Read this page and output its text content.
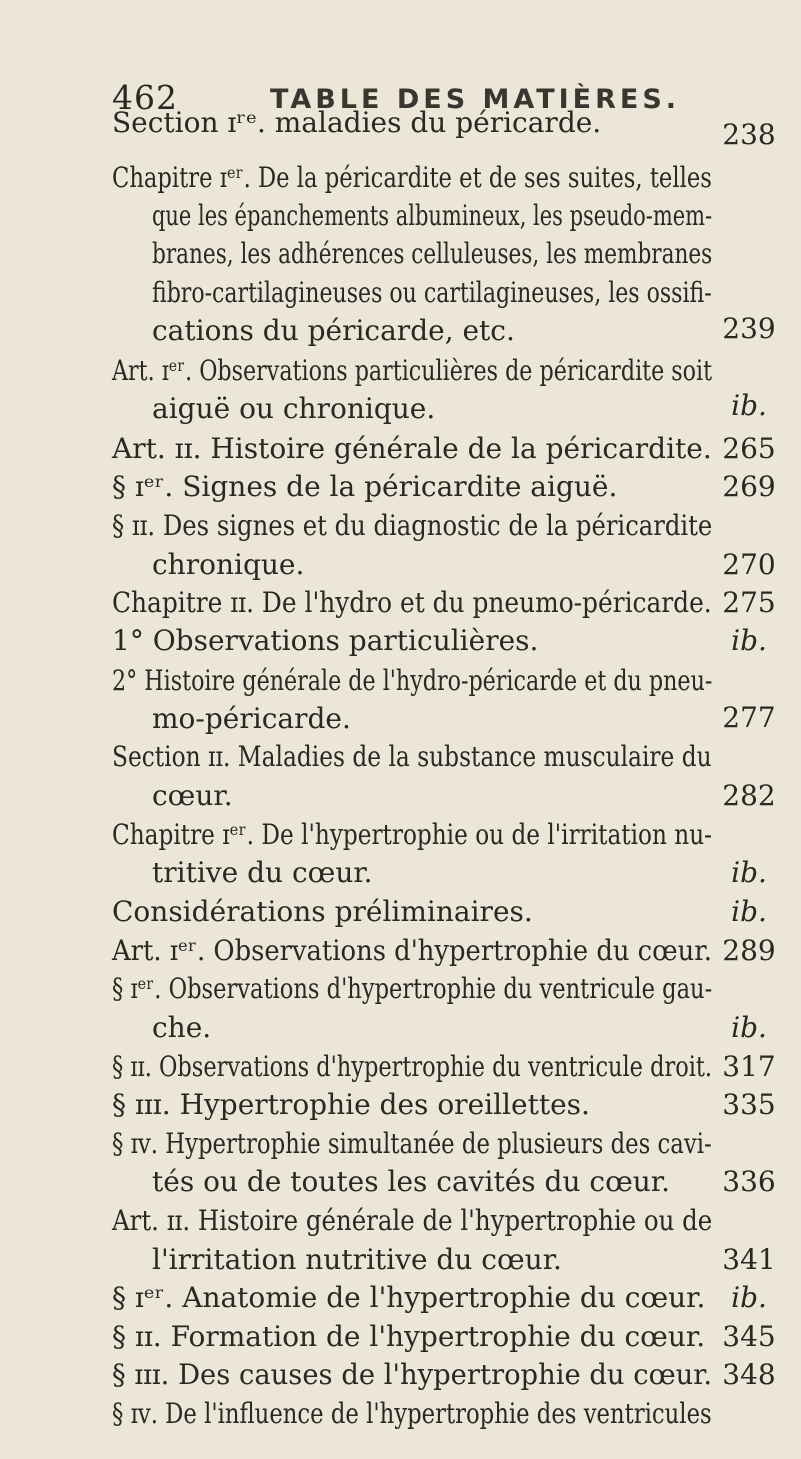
462	TABLE DES MATIÈRES.
Section ɪʳᵉ. maladies du péricarde.	238
Chapitre ɪᵉʳ. De la péricardite et de ses suites, telles
que les épanchements albumineux, les pseudo-mem-
branes, les adhérences celluleuses, les membranes
fibro-cartilagineuses ou cartilagineuses, les ossifi-
cations du péricarde, etc.	239
Art. ɪᵉʳ. Observations particulières de péricardite soit
aiguë ou chronique.	ib.
Art. ɪɪ. Histoire générale de la péricardite. 265
§ ɪᵉʳ. Signes de la péricardite aiguë.	269
§ ɪɪ. Des signes et du diagnostic de la péricardite
chronique.	270
Chapitre ɪɪ. De l'hydro et du pneumo-péricarde. 275
1° Observations particulières.	ib.
2° Histoire générale de l'hydro-péricarde et du pneu-
mo-péricarde.	277
Section ɪɪ. Maladies de la substance musculaire du
cœur.	282
Chapitre ɪᵉʳ. De l'hypertrophie ou de l'irritation nu-
tritive du cœur.	ib.
Considérations préliminaires.	ib.
Art. ɪᵉʳ. Observations d'hypertrophie du cœur. 289
§ ɪᵉʳ. Observations d'hypertrophie du ventricule gau-
che.	ib.
§ ɪɪ. Observations d'hypertrophie du ventricule droit. 317
§ ɪɪɪ. Hypertrophie des oreillettes.	335
§ ɪᴠ. Hypertrophie simultanée de plusieurs des cavi-
tés ou de toutes les cavités du cœur. 336
Art. ɪɪ. Histoire générale de l'hypertrophie ou de
l'irritation nutritive du cœur.	341
§ ɪᵉʳ. Anatomie de l'hypertrophie du cœur. ib.
§ ɪɪ. Formation de l'hypertrophie du cœur. 345
§ ɪɪɪ. Des causes de l'hypertrophie du cœur. 348
§ ɪᴠ. De l'influence de l'hypertrophie des ventricules
